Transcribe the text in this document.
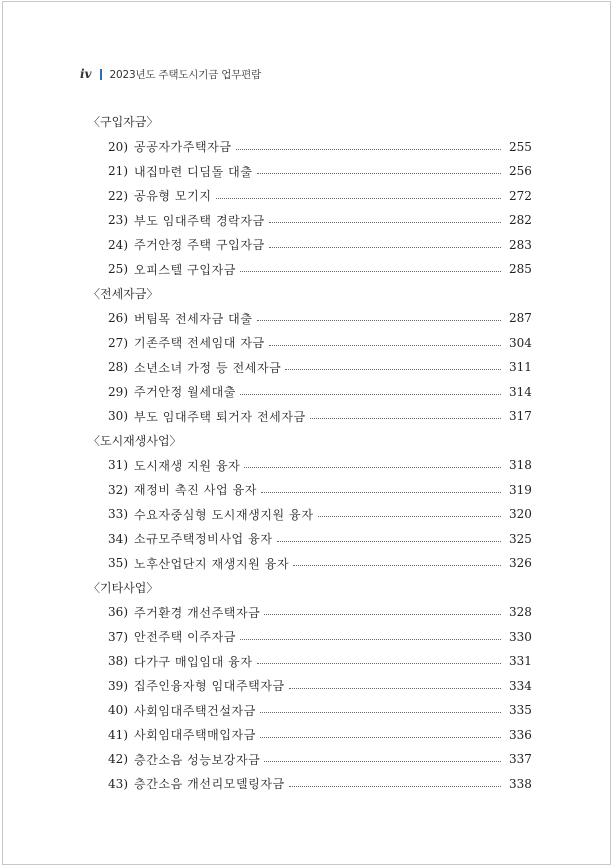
iv 2023년도 주택도시기금 업무편람
〈구입자금〉
20) 공공자가주택자금	255
21) 내집마련 디딤돌 대출	256
22) 공유형 모기지	272
23) 부도 임대주택 경락자금	282
24) 주거안정 주택 구입자금	283
25) 오피스텔 구입자금	285
〈전세자금〉
26) 버팀목 전세자금 대출	287
27) 기존주택 전세임대 자금	304
28) 소년소녀 가정 등 전세자금	311
29) 주거안정 월세대출	314
30) 부도 임대주택 퇴거자 전세자금	317
〈도시재생사업〉
31) 도시재생 지원 융자	318
32) 재정비 촉진 사업 융자	319
33) 수요자중심형 도시재생지원 융자	320
34) 소규모주택정비사업 융자	325
35) 노후산업단지 재생지원 융자	326
〈기타사업〉
36) 주거환경 개선주택자금	328
37) 안전주택 이주자금	330
38) 다가구 매입임대 융자	331
39) 집주인융자형 임대주택자금	334
40) 사회임대주택건설자금	335
41) 사회임대주택매입자금	336
42) 층간소음 성능보강자금	337
43) 층간소음 개선리모델링자금	338
